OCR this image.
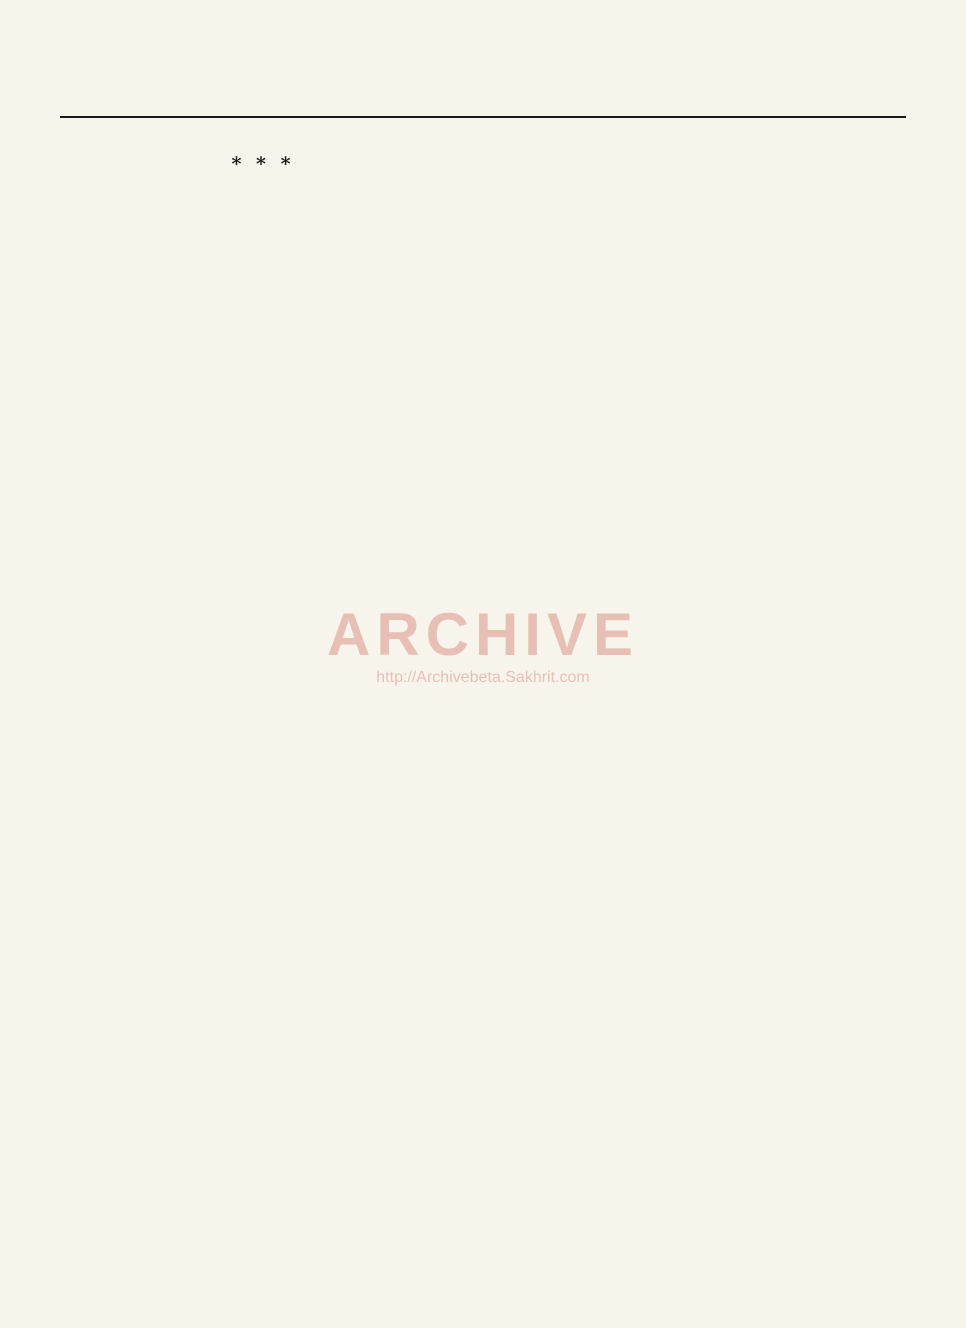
* * *

ARCHIVE
http://Archivebeta.Sakhrit.com
